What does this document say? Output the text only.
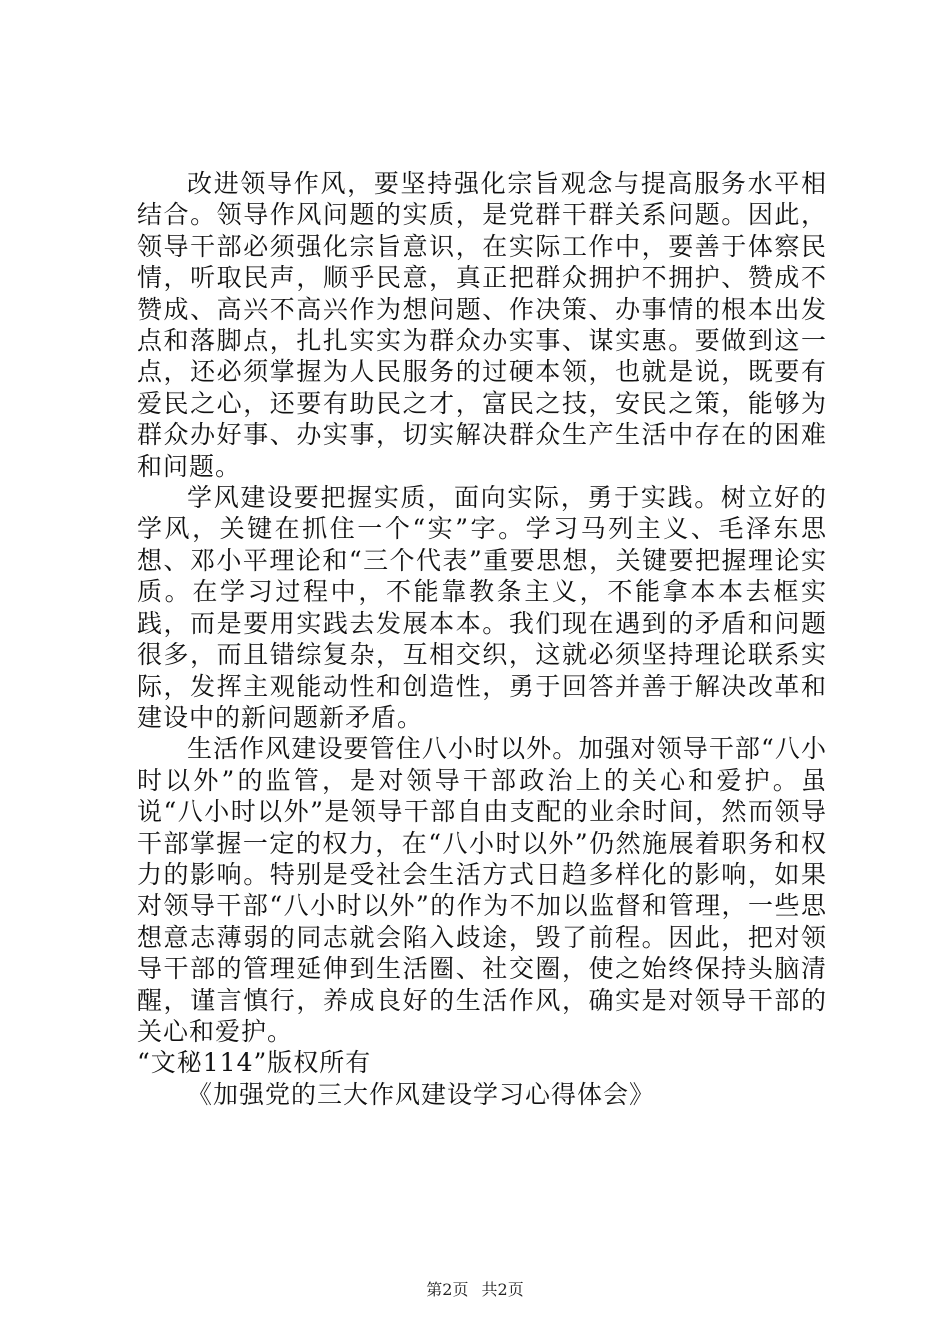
改进领导作风，要坚持强化宗旨观念与提高服务水平相结合。领导作风问题的实质，是党群干群关系问题。因此，领导干部必须强化宗旨意识，在实际工作中，要善于体察民情，听取民声，顺乎民意，真正把群众拥护不拥护、赞成不赞成、高兴不高兴作为想问题、作决策、办事情的根本出发点和落脚点，扎扎实实为群众办实事、谋实惠。要做到这一点，还必须掌握为人民服务的过硬本领，也就是说，既要有爱民之心，还要有助民之才，富民之技，安民之策，能够为群众办好事、办实事，切实解决群众生产生活中存在的困难和问题。

学风建设要把握实质，面向实际，勇于实践。树立好的学风，关键在抓住一个“实”字。学习马列主义、毛泽东思想、邓小平理论和“三个代表”重要思想，关键要把握理论实质。在学习过程中，不能靠教条主义，不能拿本本去框实践，而是要用实践去发展本本。我们现在遇到的矛盾和问题很多，而且错综复杂，互相交织，这就必须坚持理论联系实际，发挥主观能动性和创造性，勇于回答并善于解决改革和建设中的新问题新矛盾。

生活作风建设要管住八小时以外。加强对领导干部“八小时以外”的监管，是对领导干部政治上的关心和爱护。虽说“八小时以外”是领导干部自由支配的业余时间，然而领导干部掌握一定的权力，在“八小时以外”仍然施展着职务和权力的影响。特别是受社会生活方式日趋多样化的影响，如果对领导干部“八小时以外”的作为不加以监督和管理，一些思想意志薄弱的同志就会陷入歧途，毁了前程。因此，把对领导干部的管理延伸到生活圈、社交圈，使之始终保持头脑清醒，谨言慎行，养成良好的生活作风，确实是对领导干部的关心和爱护。

“文秘114”版权所有

《加强党的三大作风建设学习心得体会》

第2页 共2页
